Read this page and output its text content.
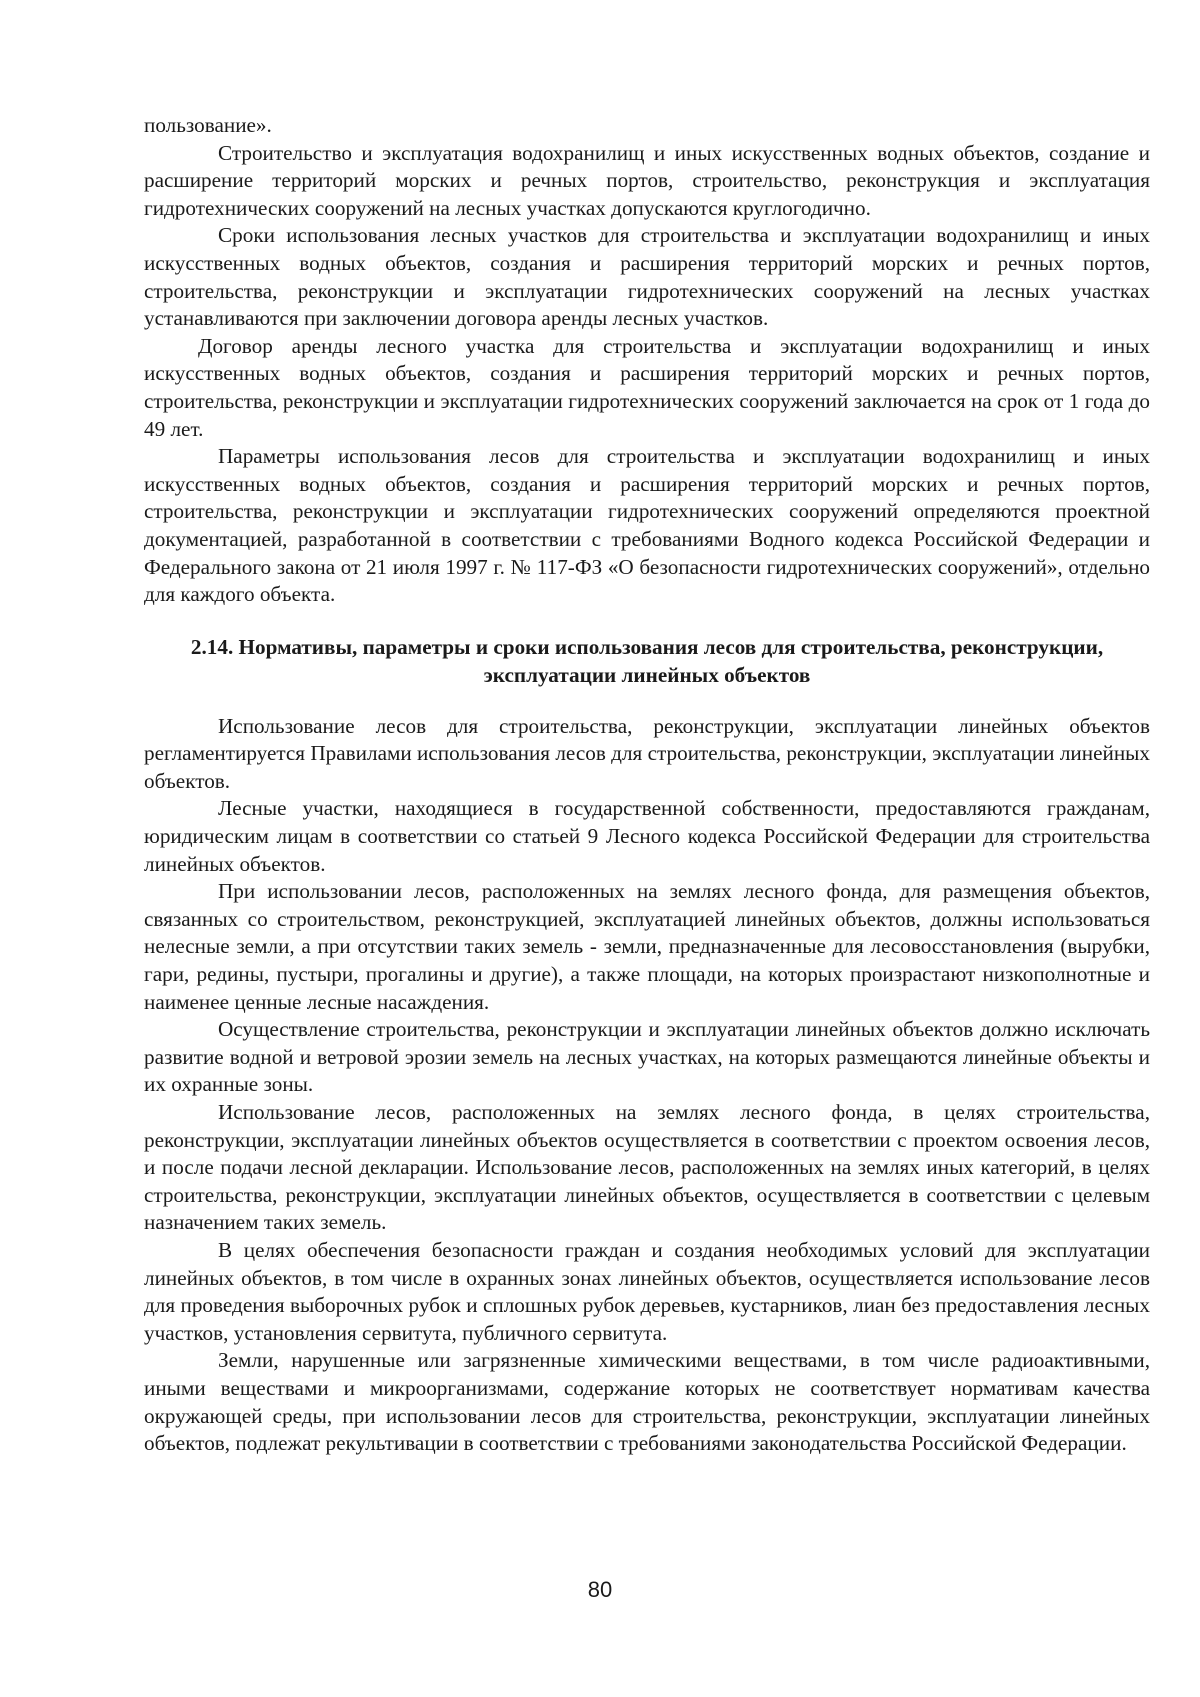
пользование».

Строительство и эксплуатация водохранилищ и иных искусственных водных объектов, создание и расширение территорий морских и речных портов, строительство, реконструкция и эксплуатация гидротехнических сооружений на лесных участках допускаются круглогодично.

Сроки использования лесных участков для строительства и эксплуатации водохранилищ и иных искусственных водных объектов, создания и расширения территорий морских и речных портов, строительства, реконструкции и эксплуатации гидротехнических сооружений на лесных участках устанавливаются при заключении договора аренды лесных участков.

Договор аренды лесного участка для строительства и эксплуатации водохранилищ и иных искусственных водных объектов, создания и расширения территорий морских и речных портов, строительства, реконструкции и эксплуатации гидротехнических сооружений заключается на срок от 1 года до 49 лет.

Параметры использования лесов для строительства и эксплуатации водохранилищ и иных искусственных водных объектов, создания и расширения территорий морских и речных портов, строительства, реконструкции и эксплуатации гидротехнических сооружений определяются проектной документацией, разработанной в соответствии с требованиями Водного кодекса Российской Федерации и Федерального закона от 21 июля 1997 г. № 117-ФЗ «О безопасности гидротехнических сооружений», отдельно для каждого объекта.

2.14. Нормативы, параметры и сроки использования лесов для строительства, реконструкции, эксплуатации линейных объектов

Использование лесов для строительства, реконструкции, эксплуатации линейных объектов регламентируется Правилами использования лесов для строительства, реконструкции, эксплуатации линейных объектов.

Лесные участки, находящиеся в государственной собственности, предоставляются гражданам, юридическим лицам в соответствии со статьей 9 Лесного кодекса Российской Федерации для строительства линейных объектов.

При использовании лесов, расположенных на землях лесного фонда, для размещения объектов, связанных со строительством, реконструкцией, эксплуатацией линейных объектов, должны использоваться нелесные земли, а при отсутствии таких земель - земли, предназначенные для лесовосстановления (вырубки, гари, редины, пустыри, прогалины и другие), а также площади, на которых произрастают низкополнотные и наименее ценные лесные насаждения.

Осуществление строительства, реконструкции и эксплуатации линейных объектов должно исключать развитие водной и ветровой эрозии земель на лесных участках, на которых размещаются линейные объекты и их охранные зоны.

Использование лесов, расположенных на землях лесного фонда, в целях строительства, реконструкции, эксплуатации линейных объектов осуществляется в соответствии с проектом освоения лесов, и после подачи лесной декларации. Использование лесов, расположенных на землях иных категорий, в целях строительства, реконструкции, эксплуатации линейных объектов, осуществляется в соответствии с целевым назначением таких земель.

В целях обеспечения безопасности граждан и создания необходимых условий для эксплуатации линейных объектов, в том числе в охранных зонах линейных объектов, осуществляется использование лесов для проведения выборочных рубок и сплошных рубок деревьев, кустарников, лиан без предоставления лесных участков, установления сервитута, публичного сервитута.

Земли, нарушенные или загрязненные химическими веществами, в том числе радиоактивными, иными веществами и микроорганизмами, содержание которых не соответствует нормативам качества окружающей среды, при использовании лесов для строительства, реконструкции, эксплуатации линейных объектов, подлежат рекультивации в соответствии с требованиями законодательства Российской Федерации.

80
